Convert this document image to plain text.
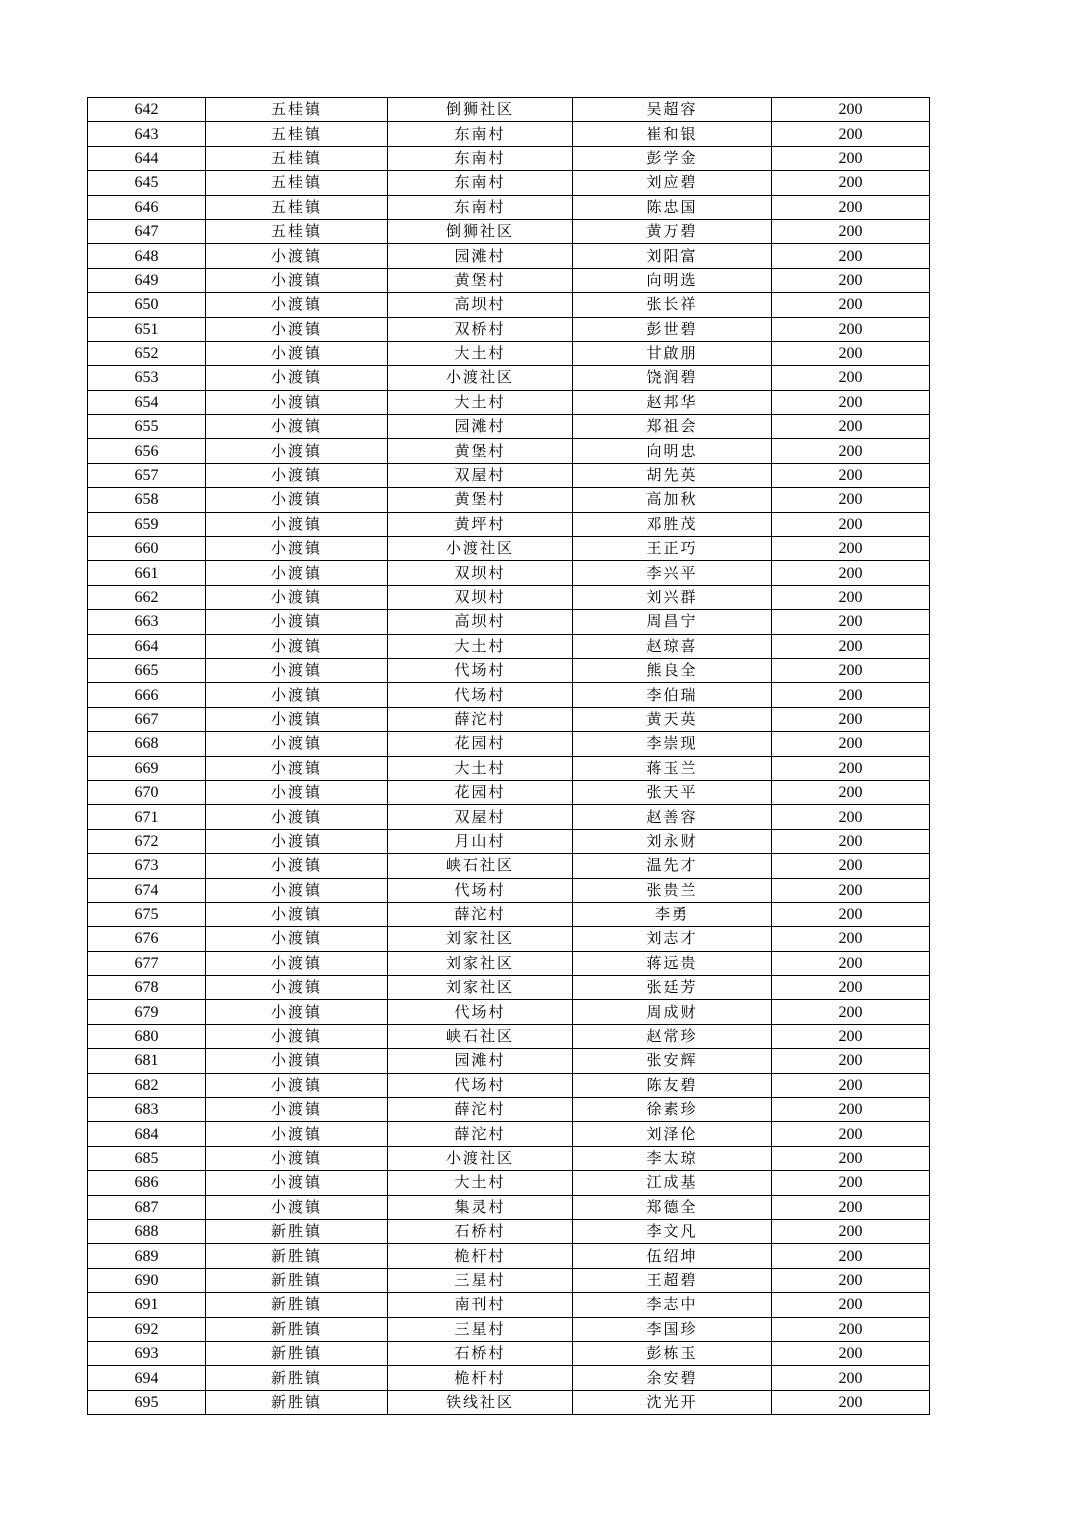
642	五桂镇	倒狮社区	吴超容	200
643	五桂镇	东南村	崔和银	200
644	五桂镇	东南村	彭学金	200
645	五桂镇	东南村	刘应碧	200
646	五桂镇	东南村	陈忠国	200
647	五桂镇	倒狮社区	黄万碧	200
648	小渡镇	园滩村	刘阳富	200
649	小渡镇	黄堡村	向明选	200
650	小渡镇	高坝村	张长祥	200
651	小渡镇	双桥村	彭世碧	200
652	小渡镇	大土村	甘啟朋	200
653	小渡镇	小渡社区	饶润碧	200
654	小渡镇	大土村	赵邦华	200
655	小渡镇	园滩村	郑祖会	200
656	小渡镇	黄堡村	向明忠	200
657	小渡镇	双屋村	胡先英	200
658	小渡镇	黄堡村	高加秋	200
659	小渡镇	黄坪村	邓胜茂	200
660	小渡镇	小渡社区	王正巧	200
661	小渡镇	双坝村	李兴平	200
662	小渡镇	双坝村	刘兴群	200
663	小渡镇	高坝村	周昌宁	200
664	小渡镇	大土村	赵琼喜	200
665	小渡镇	代场村	熊良全	200
666	小渡镇	代场村	李伯瑞	200
667	小渡镇	薛沱村	黄天英	200
668	小渡镇	花园村	李崇现	200
669	小渡镇	大土村	蒋玉兰	200
670	小渡镇	花园村	张天平	200
671	小渡镇	双屋村	赵善容	200
672	小渡镇	月山村	刘永财	200
673	小渡镇	峡石社区	温先才	200
674	小渡镇	代场村	张贵兰	200
675	小渡镇	薛沱村	李勇	200
676	小渡镇	刘家社区	刘志才	200
677	小渡镇	刘家社区	蒋远贵	200
678	小渡镇	刘家社区	张廷芳	200
679	小渡镇	代场村	周成财	200
680	小渡镇	峡石社区	赵常珍	200
681	小渡镇	园滩村	张安辉	200
682	小渡镇	代场村	陈友碧	200
683	小渡镇	薛沱村	徐素珍	200
684	小渡镇	薛沱村	刘泽伦	200
685	小渡镇	小渡社区	李太琼	200
686	小渡镇	大土村	江成基	200
687	小渡镇	集灵村	郑德全	200
688	新胜镇	石桥村	李文凡	200
689	新胜镇	桅杆村	伍绍坤	200
690	新胜镇	三星村	王超碧	200
691	新胜镇	南刊村	李志中	200
692	新胜镇	三星村	李国珍	200
693	新胜镇	石桥村	彭栋玉	200
694	新胜镇	桅杆村	余安碧	200
695	新胜镇	铁线社区	沈光开	200
